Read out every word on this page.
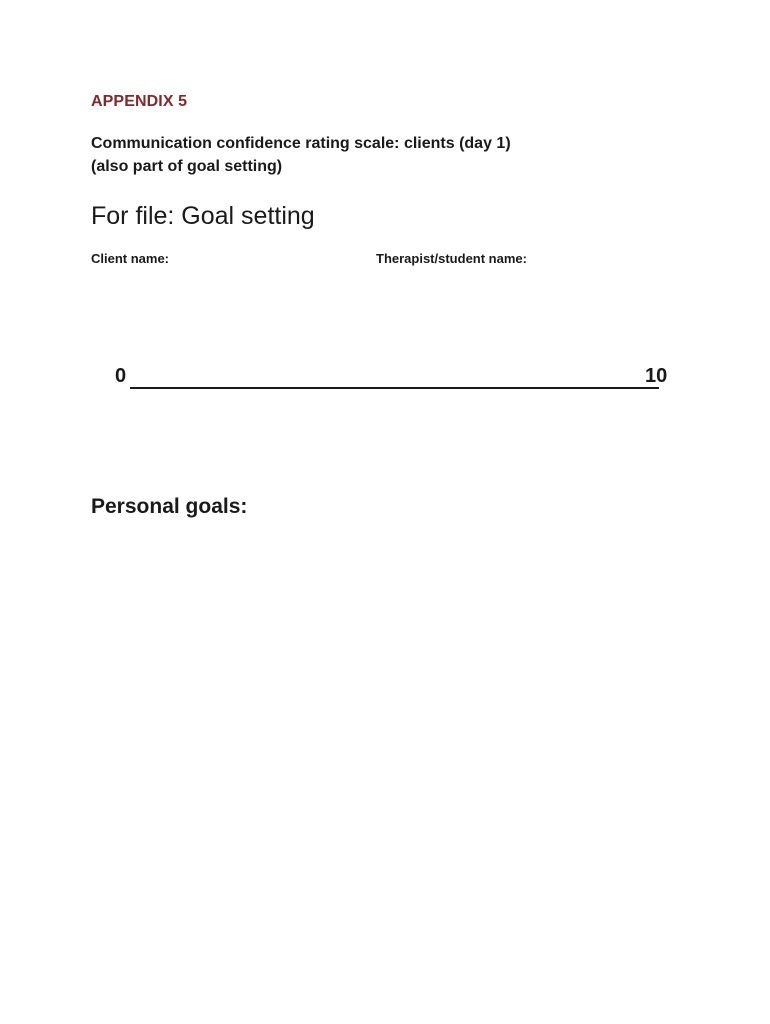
APPENDIX 5
Communication confidence rating scale: clients (day 1)
(also part of goal setting)
For file: Goal setting
Client name:	Therapist/student name:
0	10
Personal goals:
